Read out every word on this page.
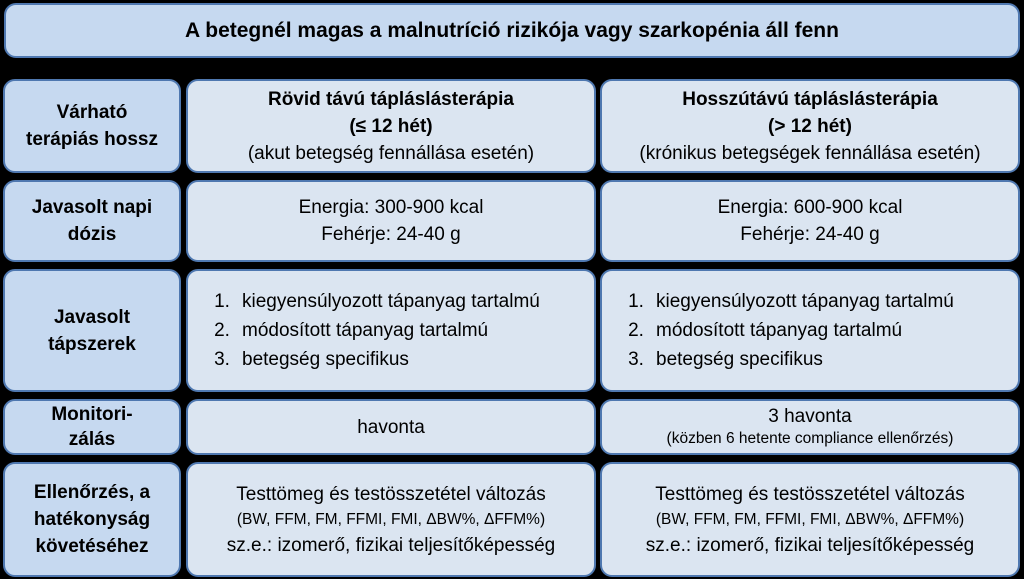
A betegnél magas a malnutríció rizikója vagy szarkopénia áll fenn
Várható
terápiás hossz
Rövid távú tápláslásterápia
(≤ 12 hét)
(akut betegség fennállása esetén)
Hosszútávú tápláslásterápia
(> 12 hét)
(krónikus betegségek fennállása esetén)
Javasolt napi
dózis
Energia: 300-900 kcal
Fehérje: 24-40 g
Energia: 600-900 kcal
Fehérje: 24-40 g
Javasolt
tápszerek
1. kiegyensúlyozott tápanyag tartalmú
2. módosított tápanyag tartalmú
3. betegség specifikus
1. kiegyensúlyozott tápanyag tartalmú
2. módosított tápanyag tartalmú
3. betegség specifikus
Monitori-
zálás
havonta	3 havonta
(közben 6 hetente compliance ellenőrzés)
Ellenőrzés, a
hatékonyság
követéséhez
Testtömeg és testösszetétel változás
(BW, FFM, FM, FFMI, FMI, ΔBW%, ΔFFM%)
sz.e.: izomerő, fizikai teljesítőképesség
Testtömeg és testösszetétel változás
(BW, FFM, FM, FFMI, FMI, ΔBW%, ΔFFM%)
sz.e.: izomerő, fizikai teljesítőképesség
